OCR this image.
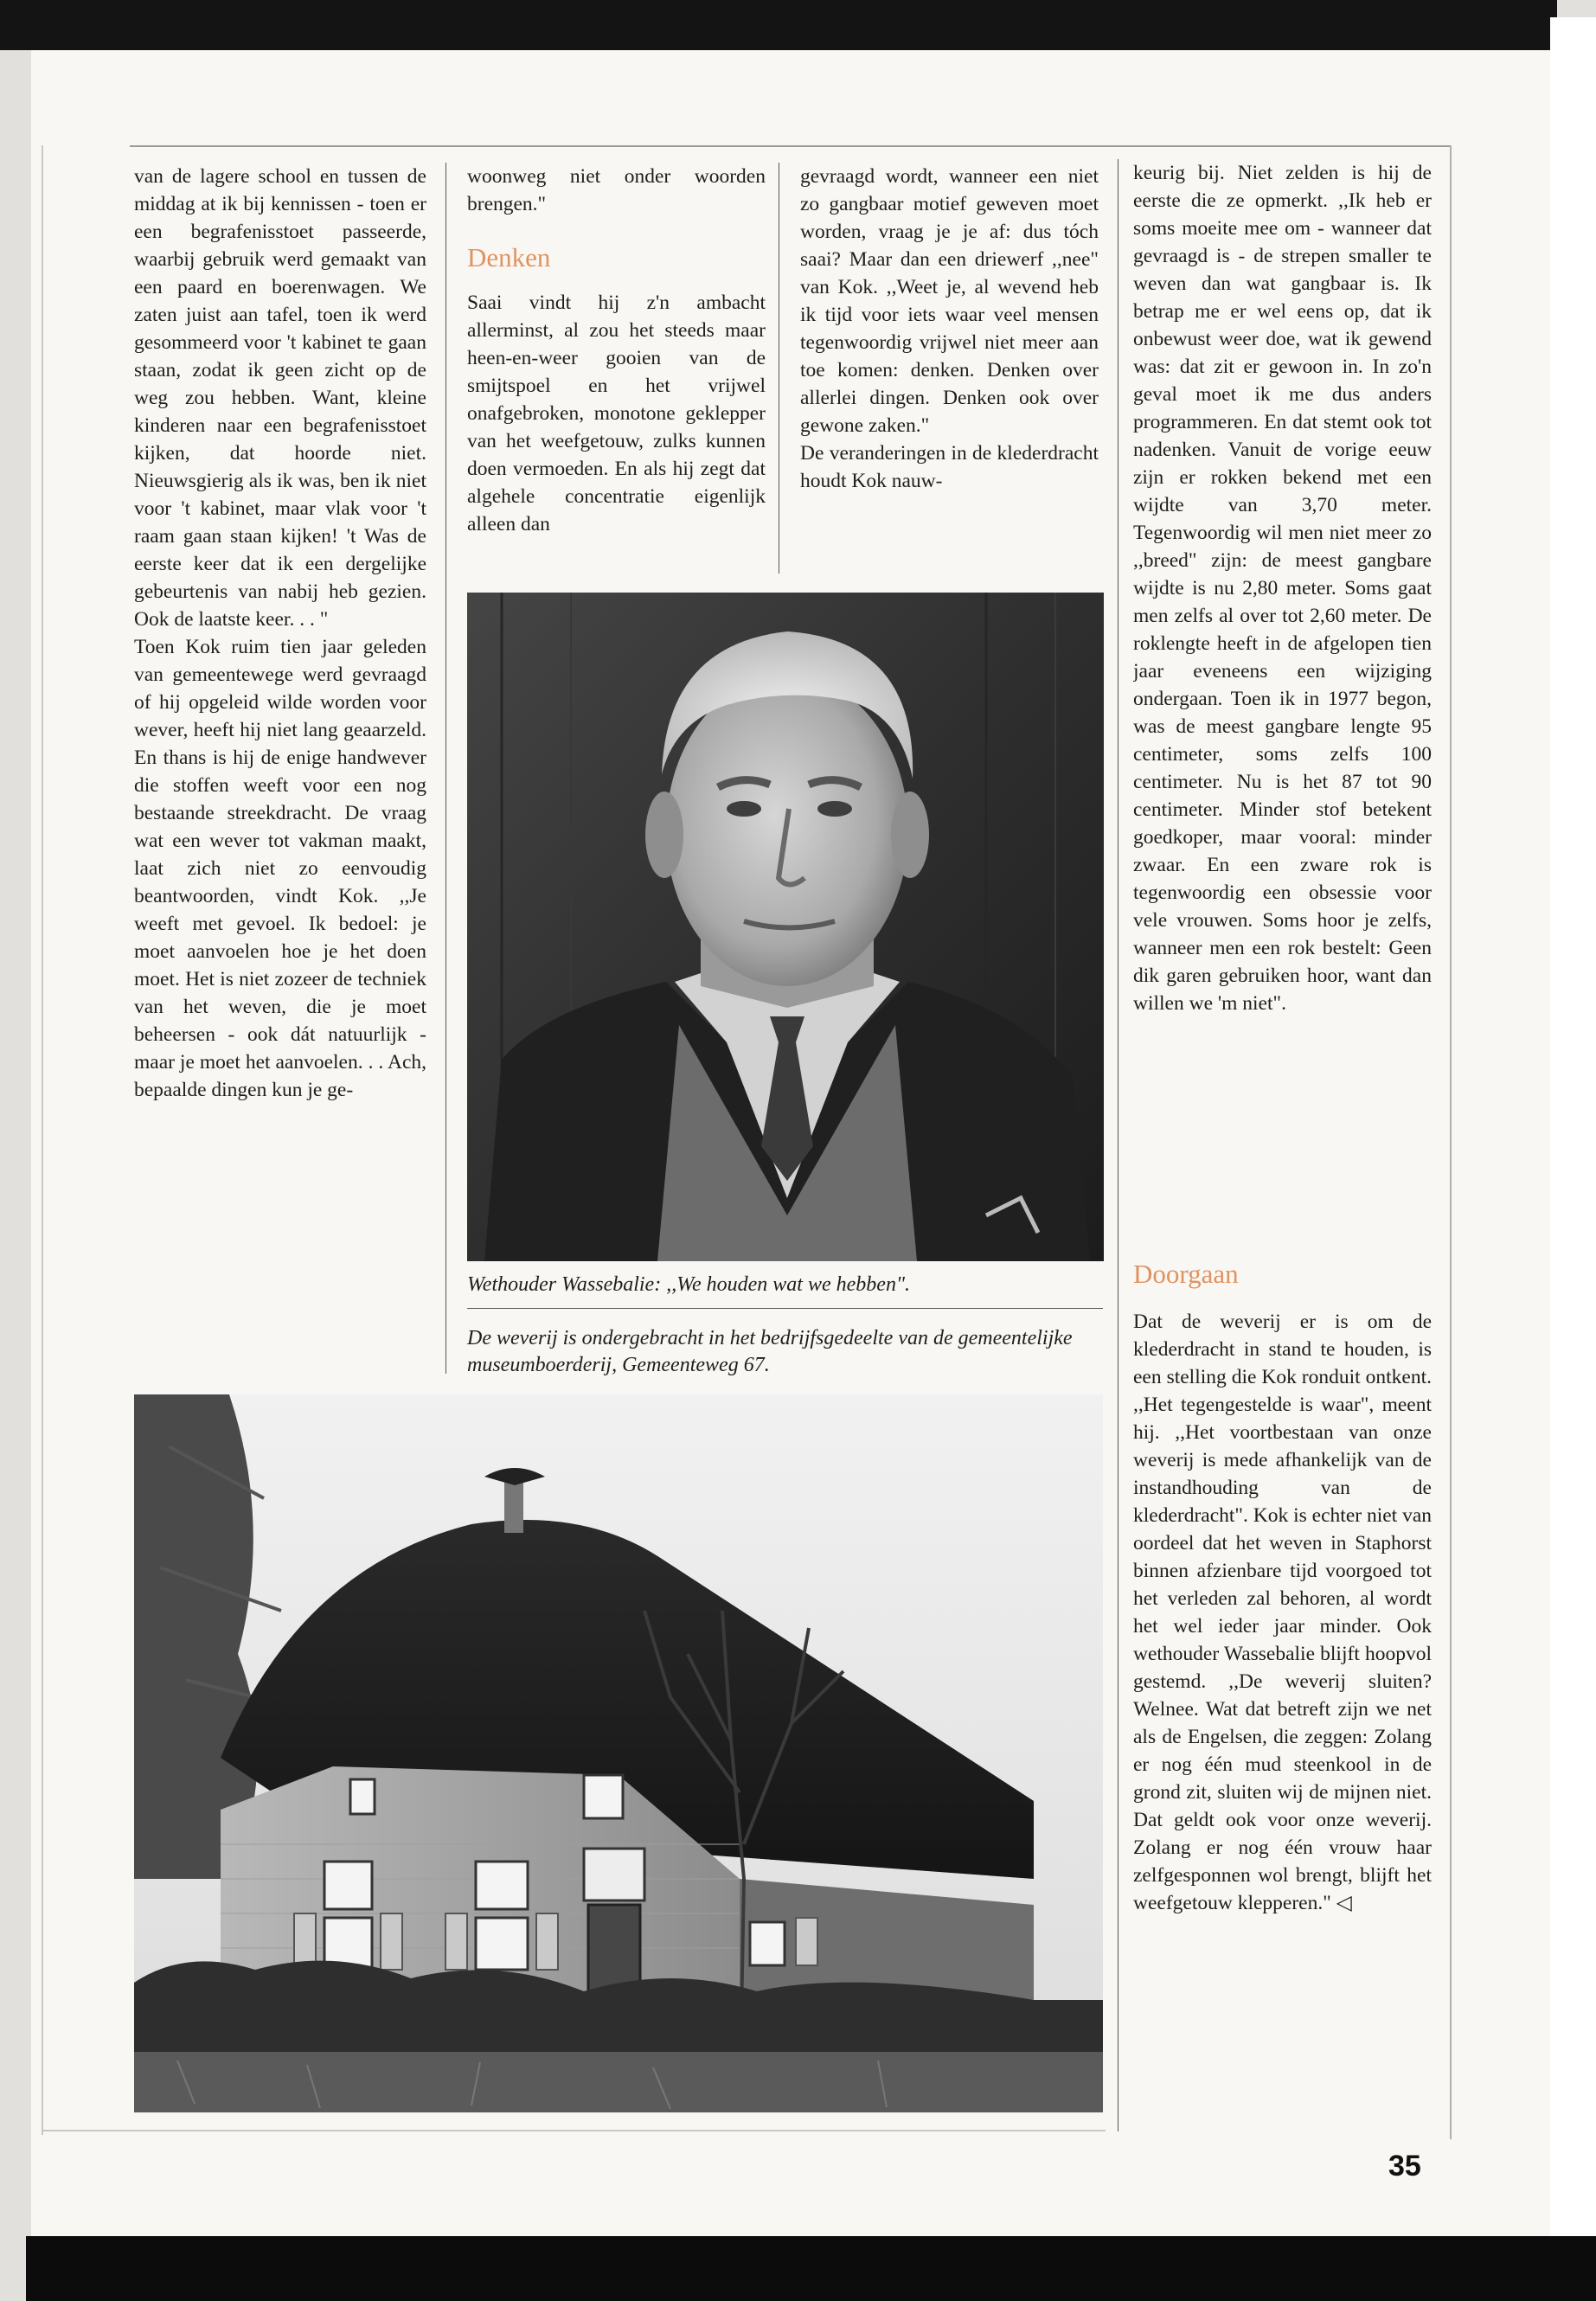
van de lagere school en tussen de middag at ik bij kennissen - toen er een begrafenisstoet passeerde, waarbij gebruik werd gemaakt van een paard en boerenwagen. We zaten juist aan tafel, toen ik werd gesommeerd voor 't kabinet te gaan staan, zodat ik geen zicht op de weg zou hebben. Want, kleine kinderen naar een begrafenisstoet kijken, dat hoorde niet. Nieuwsgierig als ik was, ben ik niet voor 't kabinet, maar vlak voor 't raam gaan staan kijken! 't Was de eerste keer dat ik een dergelijke gebeurtenis van nabij heb gezien. Ook de laatste keer. . . "

Toen Kok ruim tien jaar geleden van gemeentewege werd gevraagd of hij opgeleid wilde worden voor wever, heeft hij niet lang geaarzeld. En thans is hij de enige handwever die stoffen weeft voor een nog bestaande streekdracht. De vraag wat een wever tot vakman maakt, laat zich niet zo eenvoudig beantwoorden, vindt Kok. ,,Je weeft met gevoel. Ik bedoel: je moet aanvoelen hoe je het doen moet. Het is niet zozeer de techniek van het weven, die je moet beheersen - ook dát natuurlijk - maar je moet het aanvoelen. . . Ach, bepaalde dingen kun je ge-

woonweg niet onder woorden brengen."

Denken

Saai vindt hij z'n ambacht allerminst, al zou het steeds maar heen-en-weer gooien van de smijtspoel en het vrijwel onafgebroken, monotone geklepper van het weefgetouw, zulks kunnen doen vermoeden. En als hij zegt dat algehele concentratie eigenlijk alleen dan

gevraagd wordt, wanneer een niet zo gangbaar motief geweven moet worden, vraag je je af: dus tóch saai? Maar dan een driewerf ,,nee" van Kok. ,,Weet je, al wevend heb ik tijd voor iets waar veel mensen tegenwoordig vrijwel niet meer aan toe komen: denken. Denken over allerlei dingen. Denken ook over gewone zaken."

De veranderingen in de klederdracht houdt Kok nauw-

keurig bij. Niet zelden is hij de eerste die ze opmerkt. ,,Ik heb er soms moeite mee om - wanneer dat gevraagd is - de strepen smaller te weven dan wat gangbaar is. Ik betrap me er wel eens op, dat ik onbewust weer doe, wat ik gewend was: dat zit er gewoon in. In zo'n geval moet ik me dus anders programmeren. En dat stemt ook tot nadenken. Vanuit de vorige eeuw zijn er rokken bekend met een wijdte van 3,70 meter. Tegenwoordig wil men niet meer zo ,,breed" zijn: de meest gangbare wijdte is nu 2,80 meter. Soms gaat men zelfs al over tot 2,60 meter. De roklengte heeft in de afgelopen tien jaar eveneens een wijziging ondergaan. Toen ik in 1977 begon, was de meest gangbare lengte 95 centimeter, soms zelfs 100 centimeter. Nu is het 87 tot 90 centimeter. Minder stof betekent goedkoper, maar vooral: minder zwaar. En een zware rok is tegenwoordig een obsessie voor vele vrouwen. Soms hoor je zelfs, wanneer men een rok bestelt: Geen dik garen gebruiken hoor, want dan willen we 'm niet".

Doorgaan

Dat de weverij er is om de klederdracht in stand te houden, is een stelling die Kok ronduit ontkent. ,,Het tegengestelde is waar", meent hij. ,,Het voortbestaan van onze weverij is mede afhankelijk van de instandhouding van de klederdracht". Kok is echter niet van oordeel dat het weven in Staphorst binnen afzienbare tijd voorgoed tot het verleden zal behoren, al wordt het wel ieder jaar minder. Ook wethouder Wassebalie blijft hoopvol gestemd. ,,De weverij sluiten? Welnee. Wat dat betreft zijn we net als de Engelsen, die zeggen: Zolang er nog één mud steenkool in de grond zit, sluiten wij de mijnen niet. Dat geldt ook voor onze weverij. Zolang er nog één vrouw haar zelfgesponnen wol brengt, blijft het weefgetouw klepperen." ◁

Wethouder Wassebalie: ,,We houden wat we hebben".
De weverij is ondergebracht in het bedrijfsgedeelte van de gemeentelijke museumboerderij, Gemeenteweg 67.
35
